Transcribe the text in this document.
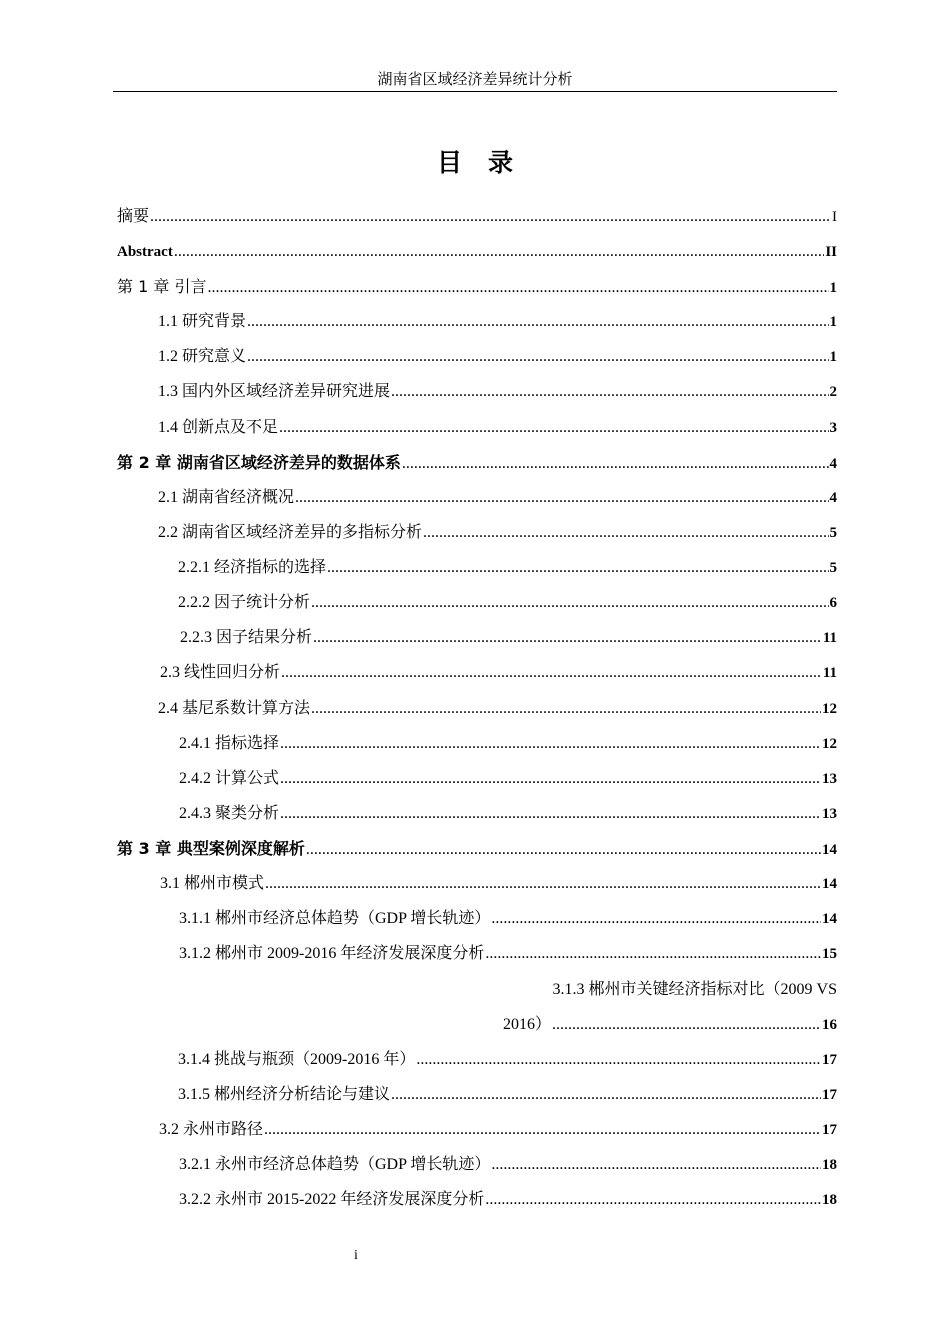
湖南省区域经济差异统计分析
目录
摘要 .....	I
Abstract .....	II
第 1 章 引言 .....	1
1.1 研究背景 .....	1
1.2 研究意义 .....	1
1.3 国内外区域经济差异研究进展 .....	2
1.4 创新点及不足 .....	3
第 2 章 湖南省区域经济差异的数据体系 .....	4
2.1 湖南省经济概况 .....	4
2.2 湖南省区域经济差异的多指标分析 .....	5
2.2.1 经济指标的选择 .....	5
2.2.2 因子统计分析 .....	6
2.2.3 因子结果分析 .....	11
2.3 线性回归分析 .....	11
2.4 基尼系数计算方法 .....	12
2.4.1 指标选择 .....	12
2.4.2 计算公式 .....	13
2.4.3 聚类分析 .....	13
第 3 章 典型案例深度解析 .....	14
3.1 郴州市模式 .....	14
3.1.1 郴州市经济总体趋势（GDP 增长轨迹） .....	14
3.1.2 郴州市 2009-2016 年经济发展深度分析 .....	15
3.1.3 郴州市关键经济指标对比（2009 VS
2016） .....	16
3.1.4 挑战与瓶颈（2009-2016 年） .....	17
3.1.5 郴州经济分析结论与建议 .....	17
3.2 永州市路径 .....	17
3.2.1 永州市经济总体趋势（GDP 增长轨迹） .....	18
3.2.2 永州市 2015-2022 年经济发展深度分析 .....	18
i
